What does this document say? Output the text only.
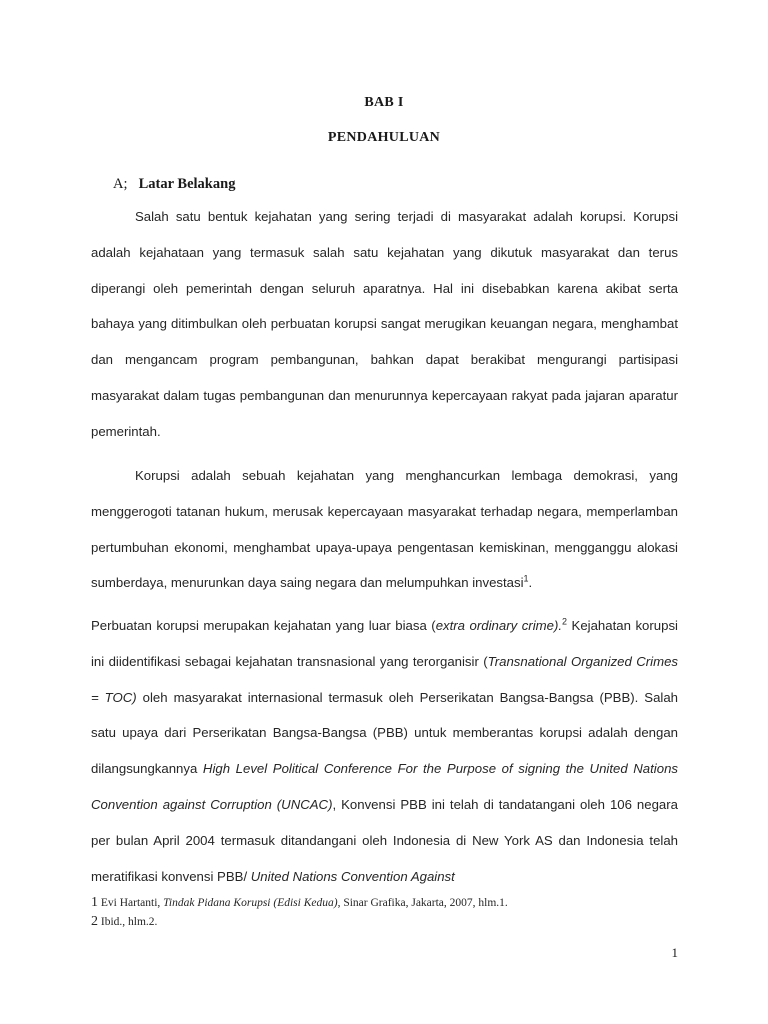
BAB I
PENDAHULUAN
A; Latar Belakang

Salah satu bentuk kejahatan yang sering terjadi di masyarakat adalah korupsi. Korupsi adalah kejahataan yang termasuk salah satu kejahatan yang dikutuk masyarakat dan terus diperangi oleh pemerintah dengan seluruh aparatnya. Hal ini disebabkan karena akibat serta bahaya yang ditimbulkan oleh perbuatan korupsi sangat merugikan keuangan negara, menghambat dan mengancam program pembangunan, bahkan dapat berakibat mengurangi partisipasi masyarakat dalam tugas pembangunan dan menurunnya kepercayaan rakyat pada jajaran aparatur pemerintah.

Korupsi adalah sebuah kejahatan yang menghancurkan lembaga demokrasi, yang menggerogoti tatanan hukum, merusak kepercayaan masyarakat terhadap negara, memperlamban pertumbuhan ekonomi, menghambat upaya-upaya pengentasan kemiskinan, mengganggu alokasi sumberdaya, menurunkan daya saing negara dan melumpuhkan investasi$^1$.

Perbuatan korupsi merupakan kejahatan yang luar biasa (extra ordinary crime).$^2$ Kejahatan korupsi ini diidentifikasi sebagai kejahatan transnasional yang terorganisir (Transnational Organized Crimes = TOC) oleh masyarakat internasional termasuk oleh Perserikatan Bangsa-Bangsa (PBB). Salah satu upaya dari Perserikatan Bangsa-Bangsa (PBB) untuk memberantas korupsi adalah dengan dilangsungkannya High Level Political Conference For the Purpose of signing the United Nations Convention against Corruption (UNCAC), Konvensi PBB ini telah di tandatangani oleh 106 negara per bulan April 2004 termasuk ditandangani oleh Indonesia di New York AS dan Indonesia telah meratifikasi konvensi PBB/ United Nations Convention Against

1 Evi Hartanti, Tindak Pidana Korupsi (Edisi Kedua), Sinar Grafika, Jakarta, 2007, hlm.1.
2 Ibid., hlm.2.
1
